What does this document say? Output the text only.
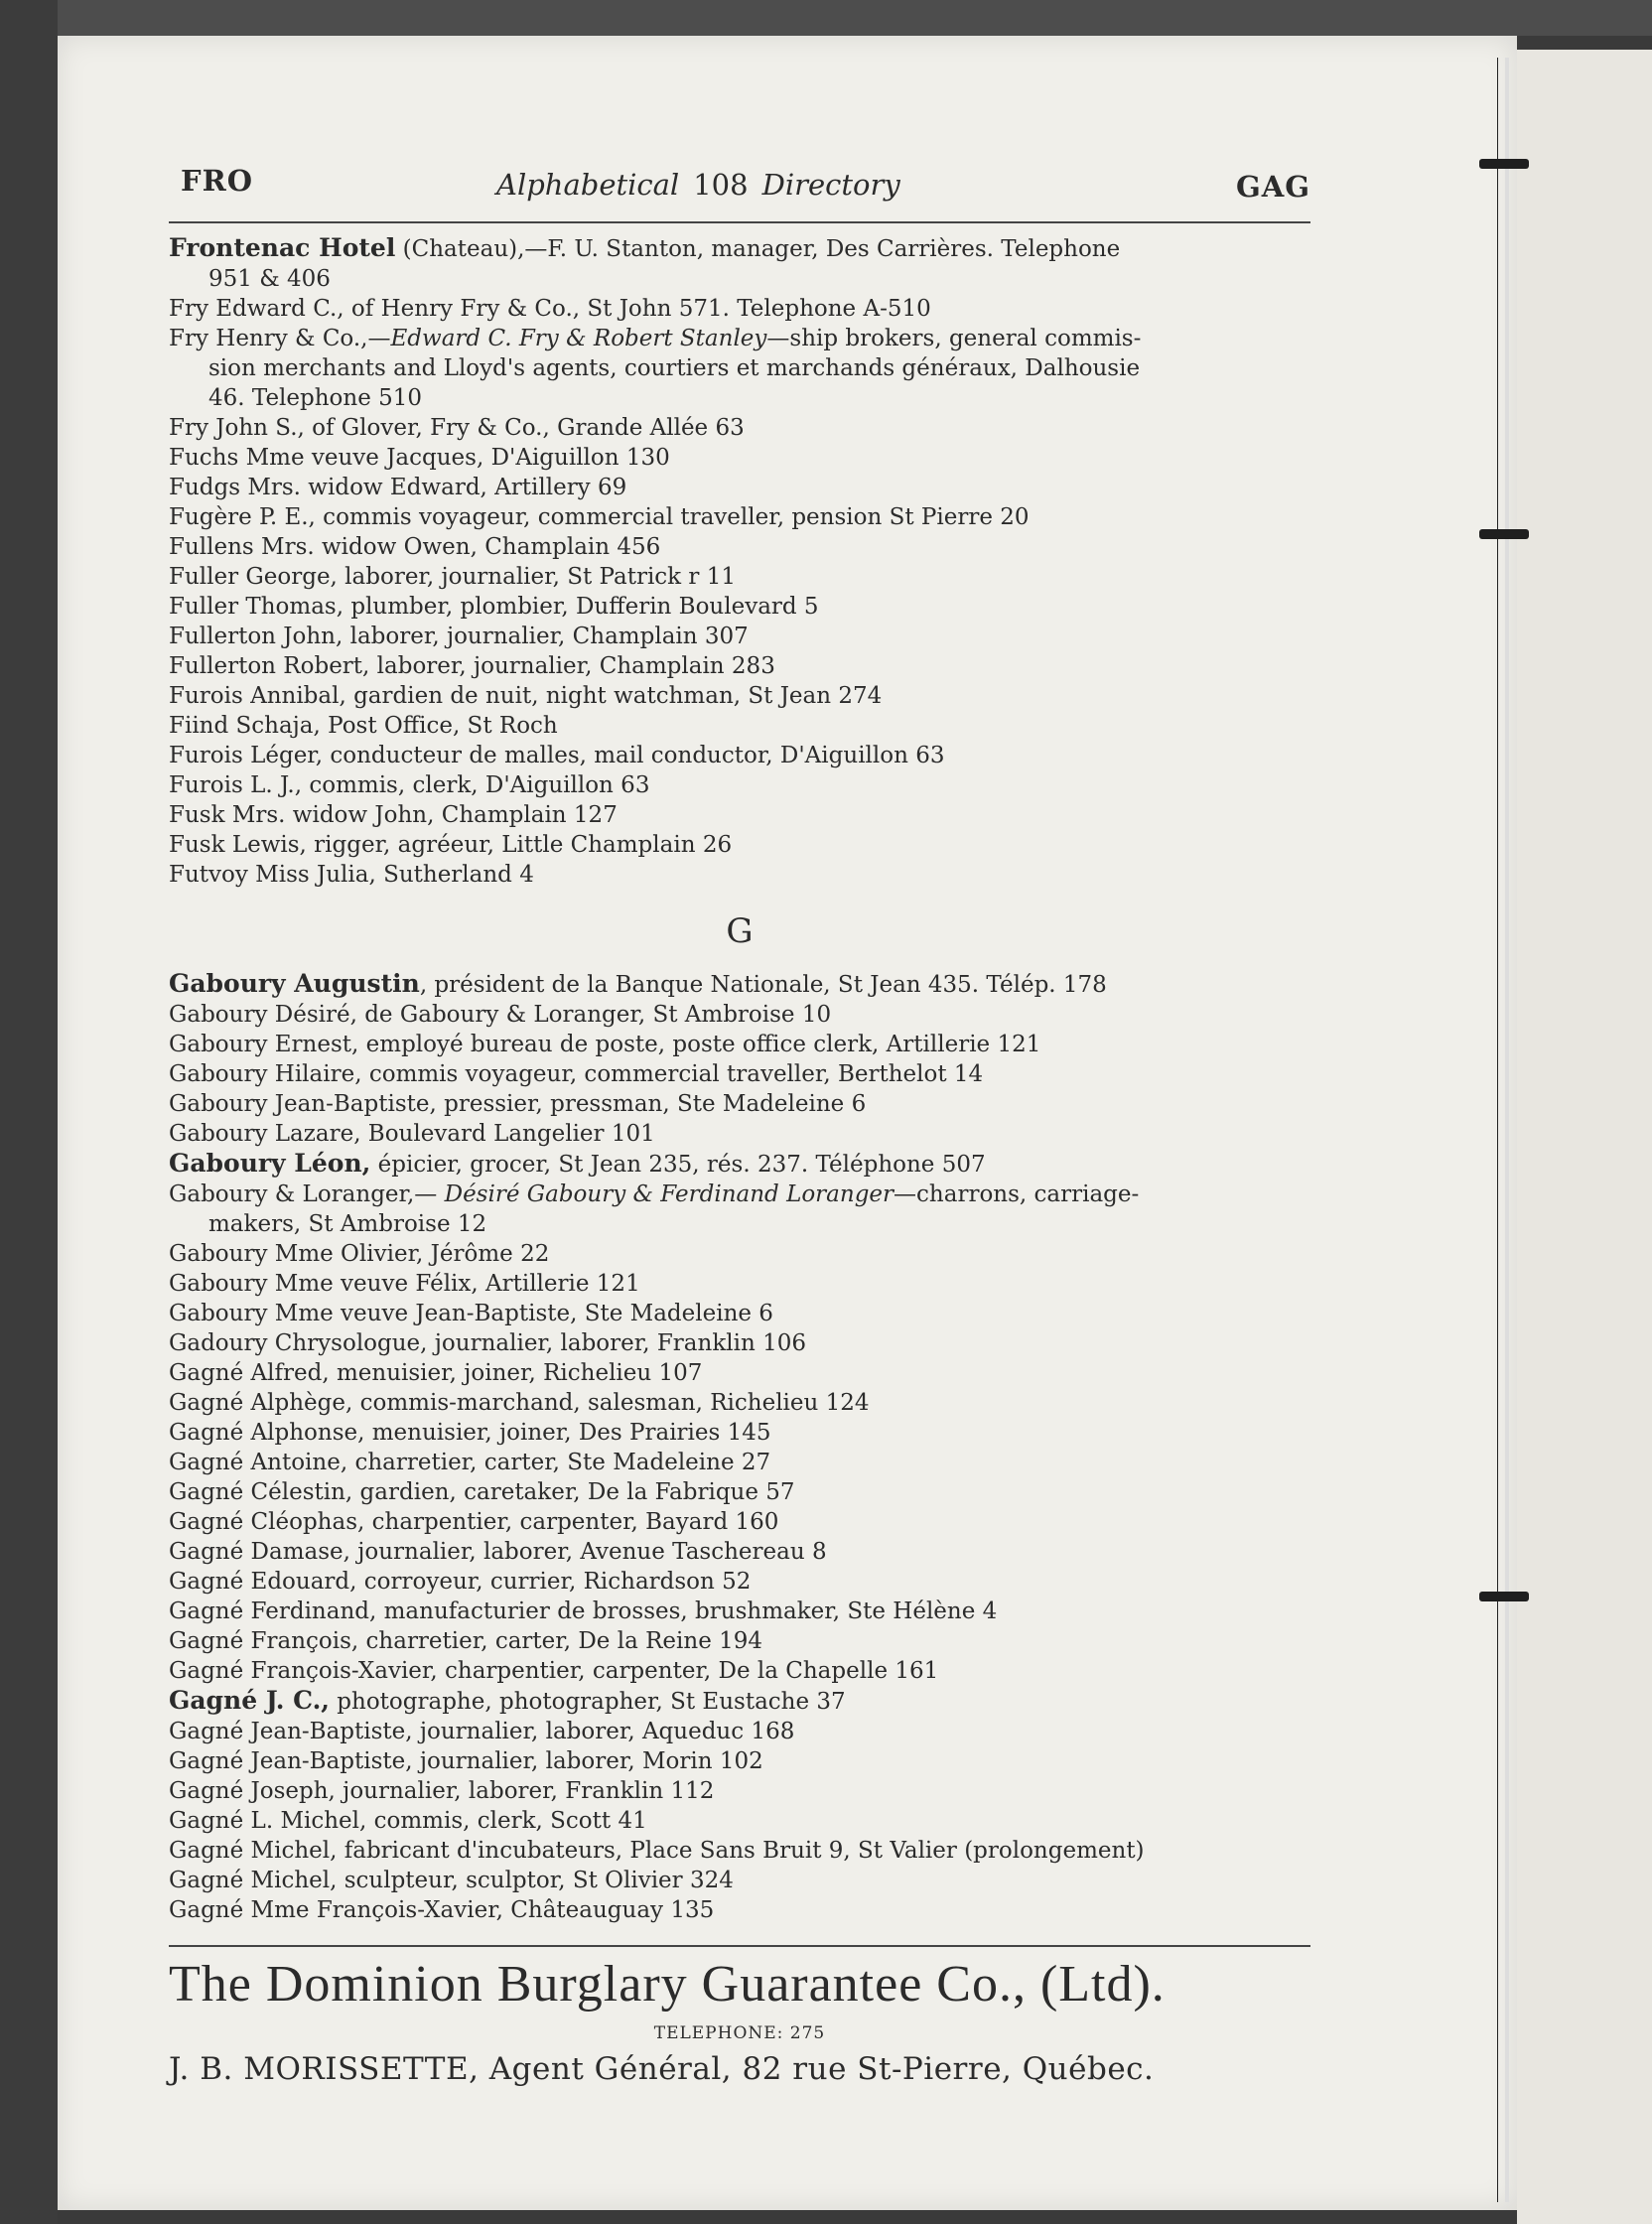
FRO	Alphabetical 108 Directory	GAG
Frontenac Hotel (Chateau),—F. U. Stanton, manager, Des Carrières. Telephone
951 & 406
Fry Edward C., of Henry Fry & Co., St John 571. Telephone A-510
Fry Henry & Co.,—Edward C. Fry & Robert Stanley—ship brokers, general commis-
sion merchants and Lloyd's agents, courtiers et marchands généraux, Dalhousie
46. Telephone 510
Fry John S., of Glover, Fry & Co., Grande Allée 63
Fuchs Mme veuve Jacques, D'Aiguillon 130
Fudgs Mrs. widow Edward, Artillery 69
Fugère P. E., commis voyageur, commercial traveller, pension St Pierre 20
Fullens Mrs. widow Owen, Champlain 456
Fuller George, laborer, journalier, St Patrick r 11
Fuller Thomas, plumber, plombier, Dufferin Boulevard 5
Fullerton John, laborer, journalier, Champlain 307
Fullerton Robert, laborer, journalier, Champlain 283
Furois Annibal, gardien de nuit, night watchman, St Jean 274
Fiind Schaja, Post Office, St Roch
Furois Léger, conducteur de malles, mail conductor, D'Aiguillon 63
Furois L. J., commis, clerk, D'Aiguillon 63
Fusk Mrs. widow John, Champlain 127
Fusk Lewis, rigger, agréeur, Little Champlain 26
Futvoy Miss Julia, Sutherland 4
G
Gaboury Augustin, président de la Banque Nationale, St Jean 435. Télép. 178
Gaboury Désiré, de Gaboury & Loranger, St Ambroise 10
Gaboury Ernest, employé bureau de poste, poste office clerk, Artillerie 121
Gaboury Hilaire, commis voyageur, commercial traveller, Berthelot 14
Gaboury Jean-Baptiste, pressier, pressman, Ste Madeleine 6
Gaboury Lazare, Boulevard Langelier 101
Gaboury Léon, épicier, grocer, St Jean 235, rés. 237. Téléphone 507
Gaboury & Loranger,— Désiré Gaboury & Ferdinand Loranger—charrons, carriage-
makers, St Ambroise 12
Gaboury Mme Olivier, Jérôme 22
Gaboury Mme veuve Félix, Artillerie 121
Gaboury Mme veuve Jean-Baptiste, Ste Madeleine 6
Gadoury Chrysologue, journalier, laborer, Franklin 106
Gagné Alfred, menuisier, joiner, Richelieu 107
Gagné Alphège, commis-marchand, salesman, Richelieu 124
Gagné Alphonse, menuisier, joiner, Des Prairies 145
Gagné Antoine, charretier, carter, Ste Madeleine 27
Gagné Célestin, gardien, caretaker, De la Fabrique 57
Gagné Cléophas, charpentier, carpenter, Bayard 160
Gagné Damase, journalier, laborer, Avenue Taschereau 8
Gagné Edouard, corroyeur, currier, Richardson 52
Gagné Ferdinand, manufacturier de brosses, brushmaker, Ste Hélène 4
Gagné François, charretier, carter, De la Reine 194
Gagné François-Xavier, charpentier, carpenter, De la Chapelle 161
Gagné J. C., photographe, photographer, St Eustache 37
Gagné Jean-Baptiste, journalier, laborer, Aqueduc 168
Gagné Jean-Baptiste, journalier, laborer, Morin 102
Gagné Joseph, journalier, laborer, Franklin 112
Gagné L. Michel, commis, clerk, Scott 41
Gagné Michel, fabricant d'incubateurs, Place Sans Bruit 9, St Valier (prolongement)
Gagné Michel, sculpteur, sculptor, St Olivier 324
Gagné Mme François-Xavier, Châteauguay 135
The Dominion Burglary Guarantee Co., (Ltd).
TELEPHONE: 275
J. B. MORISSETTE, Agent Général, 82 rue St-Pierre, Québec.
